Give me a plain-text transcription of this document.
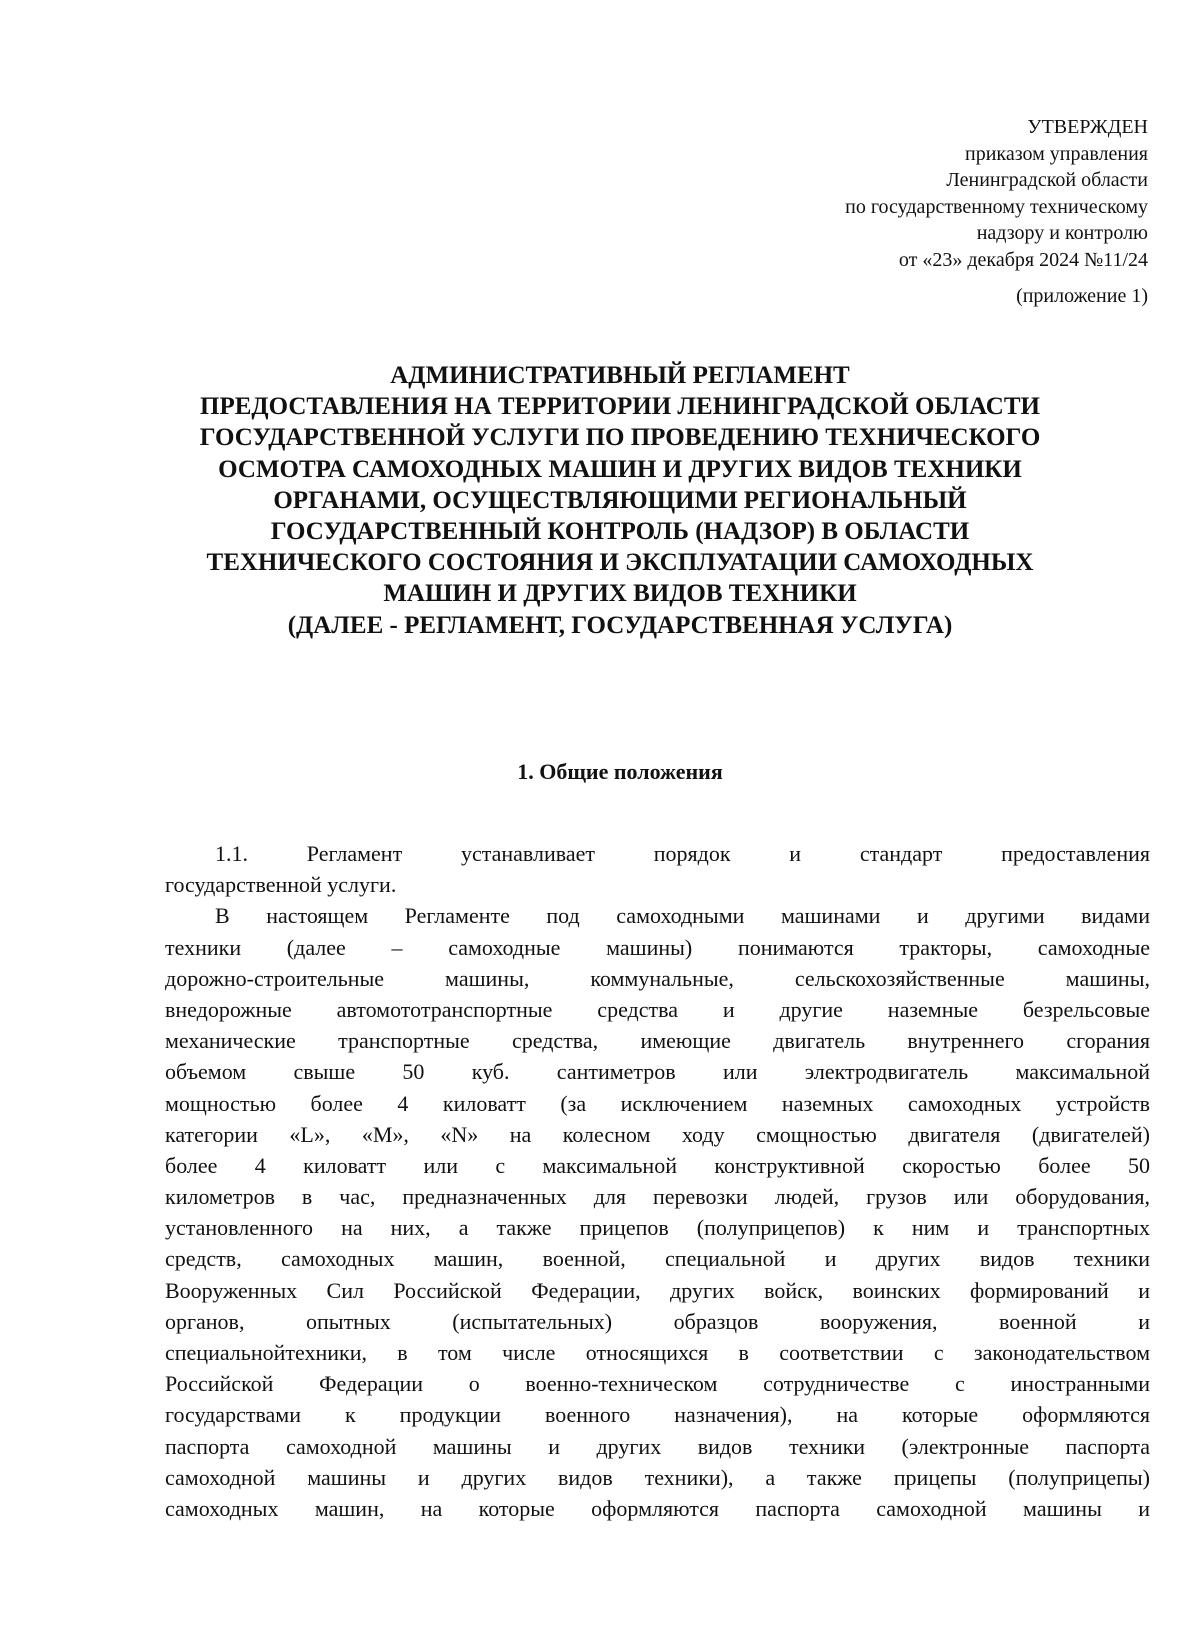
УТВЕРЖДЕН
приказом управления
Ленинградской области
по государственному техническому
надзору и контролю
от «23» декабря 2024 №11/24
(приложение 1)
АДМИНИСТРАТИВНЫЙ РЕГЛАМЕНТ
ПРЕДОСТАВЛЕНИЯ НА ТЕРРИТОРИИ ЛЕНИНГРАДСКОЙ ОБЛАСТИ
ГОСУДАРСТВЕННОЙ УСЛУГИ ПО ПРОВЕДЕНИЮ ТЕХНИЧЕСКОГО
ОСМОТРА САМОХОДНЫХ МАШИН И ДРУГИХ ВИДОВ ТЕХНИКИ
ОРГАНАМИ, ОСУЩЕСТВЛЯЮЩИМИ РЕГИОНАЛЬНЫЙ
ГОСУДАРСТВЕННЫЙ КОНТРОЛЬ (НАДЗОР) В ОБЛАСТИ
ТЕХНИЧЕСКОГО СОСТОЯНИЯ И ЭКСПЛУАТАЦИИ САМОХОДНЫХ
МАШИН И ДРУГИХ ВИДОВ ТЕХНИКИ
(ДАЛЕЕ - РЕГЛАМЕНТ, ГОСУДАРСТВЕННАЯ УСЛУГА)
1. Общие положения
1.1. Регламент устанавливает порядок и стандарт предоставления
государственной услуги.
В настоящем Регламенте под самоходными машинами и другими видами
техники (далее – самоходные машины) понимаются тракторы, самоходные
дорожно-строительные машины, коммунальные, сельскохозяйственные машины,
внедорожные автомототранспортные средства и другие наземные безрельсовые
механические транспортные средства, имеющие двигатель внутреннего сгорания
объемом свыше 50 куб. сантиметров или электродвигатель максимальной
мощностью более 4 киловатт (за исключением наземных самоходных устройств
категории «L», «M», «N» на колесном ходу смощностью двигателя (двигателей)
более 4 киловатт или с максимальной конструктивной скоростью более 50
километров в час, предназначенных для перевозки людей, грузов или оборудования,
установленного на них, а также прицепов (полуприцепов) к ним и транспортных
средств, самоходных машин, военной, специальной и других видов техники
Вооруженных Сил Российской Федерации, других войск, воинских формирований и
органов, опытных (испытательных) образцов вооружения, военной и
специальнойтехники, в том числе относящихся в соответствии с законодательством
Российской Федерации о военно-техническом сотрудничестве с иностранными
государствами к продукции военного назначения), на которые оформляются
паспорта самоходной машины и других видов техники (электронные паспорта
самоходной машины и других видов техники), а также прицепы (полуприцепы)
самоходных машин, на которые оформляются паспорта самоходной машины и
